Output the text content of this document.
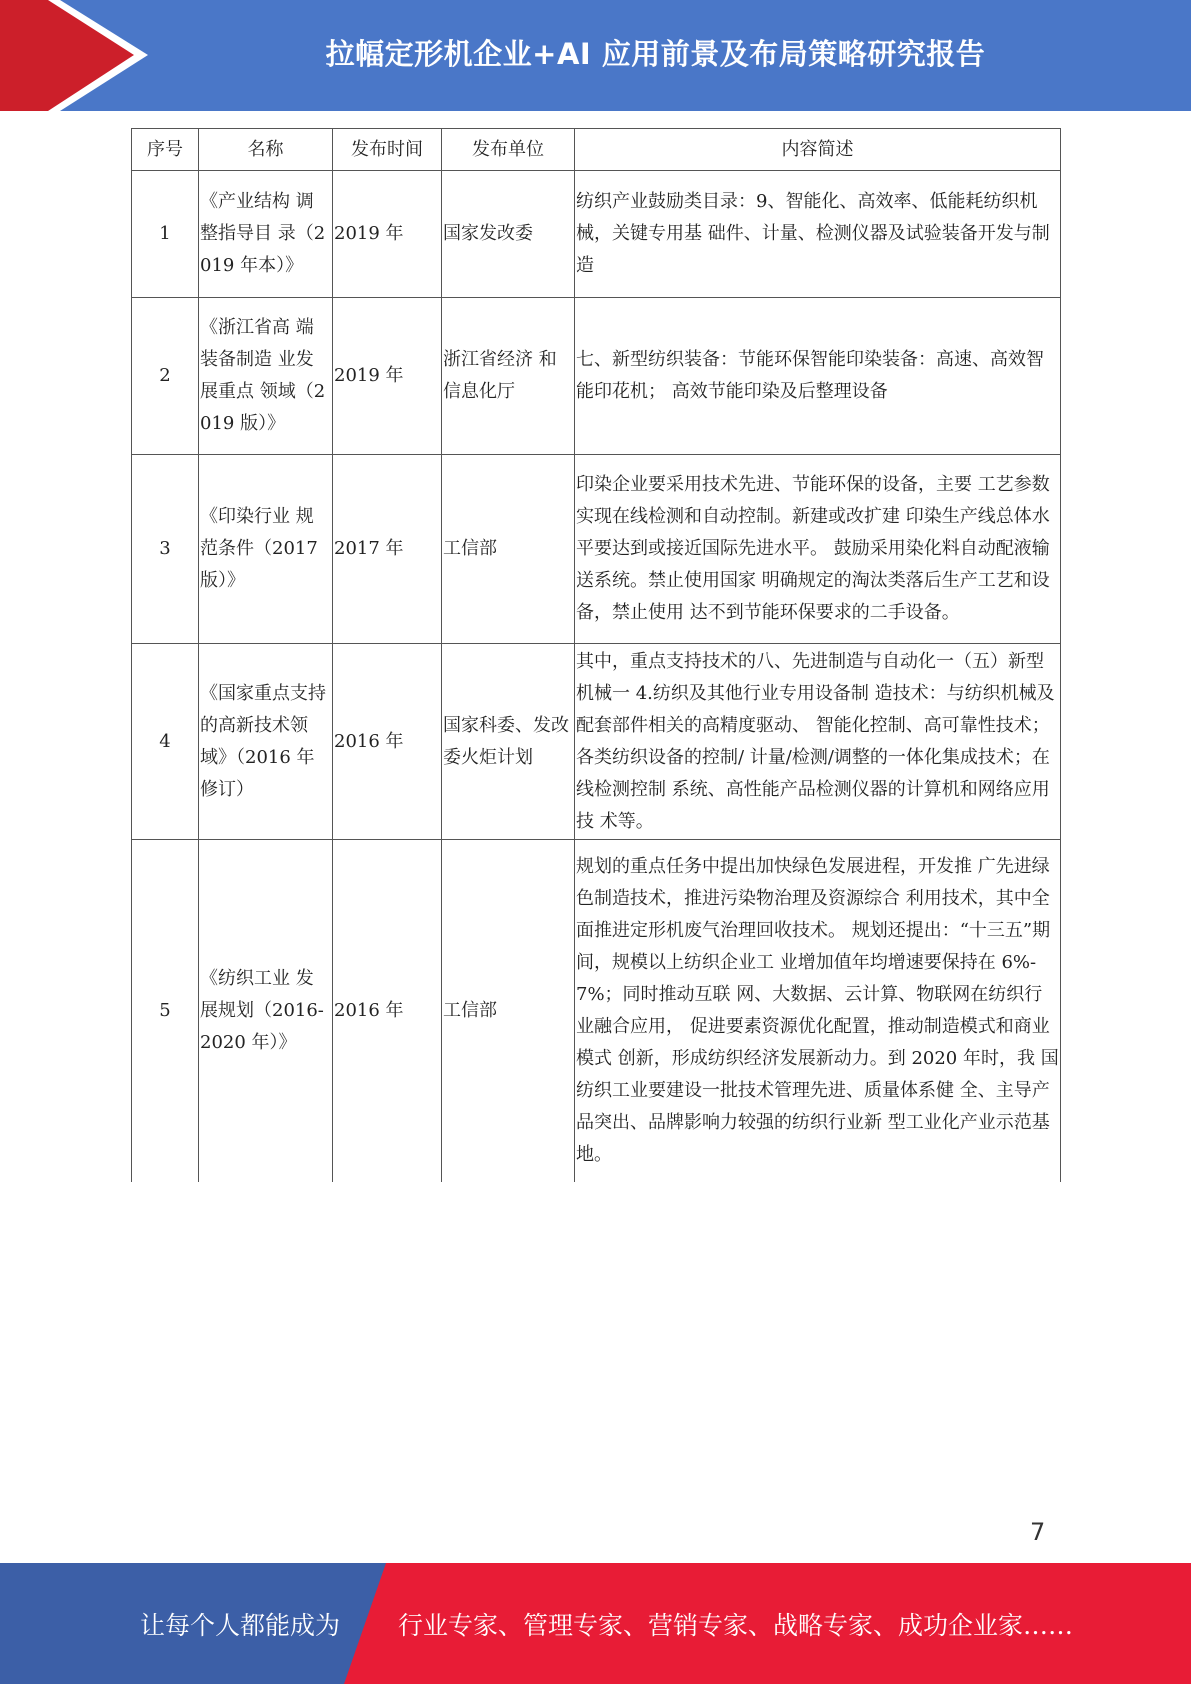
拉幅定形机企业+AI 应用前景及布局策略研究报告
序号	名称	发布时间	发布单位	内容简述
1	《产业结构 调整指导目 录（2019 年本）》	2019 年	国家发改委	纺织产业鼓励类目录：9、智能化、高效率、低能耗纺织机械，关键专用基 础件、计量、检测仪器及试验装备开发与制造
2	《浙江省高 端装备制造 业发展重点 领域（2019 版）》	2019 年	浙江省经济 和信息化厅	七、新型纺织装备：节能环保智能印染装备：高速、高效智能印花机； 高效节能印染及后整理设备
3	《印染行业 规范条件（2017 版）》	2017 年	工信部	印染企业要采用技术先进、节能环保的设备，主要 工艺参数实现在线检测和自动控制。新建或改扩建 印染生产线总体水平要达到或接近国际先进水平。 鼓励采用染化料自动配液输送系统。禁止使用国家 明确规定的淘汰类落后生产工艺和设备，禁止使用 达不到节能环保要求的二手设备。
4	《国家重点支持的高新技术领域》（2016 年修订）	2016 年	国家科委、发改委火炬计划	其中，重点支持技术的八、先进制造与自动化一（五）新型机械一 4.纺织及其他行业专用设备制 造技术：与纺织机械及配套部件相关的高精度驱动、 智能化控制、高可靠性技术；各类纺织设备的控制/ 计量/检测/调整的一体化集成技术；在线检测控制 系统、高性能产品检测仪器的计算机和网络应用技 术等。
5	《纺织工业 发展规划（2016-2020 年）》	2016 年	工信部	规划的重点任务中提出加快绿色发展进程，开发推 广先进绿色制造技术，推进污染物治理及资源综合 利用技术，其中全面推进定形机废气治理回收技术。 规划还提出：“十三五”期间，规模以上纺织企业工 业增加值年均增速要保持在 6%-7%；同时推动互联 网、大数据、云计算、物联网在纺织行业融合应用， 促进要素资源优化配置，推动制造模式和商业模式 创新，形成纺织经济发展新动力。到 2020 年时，我 国纺织工业要建设一批技术管理先进、质量体系健 全、主导产品突出、品牌影响力较强的纺织行业新 型工业化产业示范基地。
7
让每个人都能成为 行业专家、管理专家、营销专家、战略专家、成功企业家……
